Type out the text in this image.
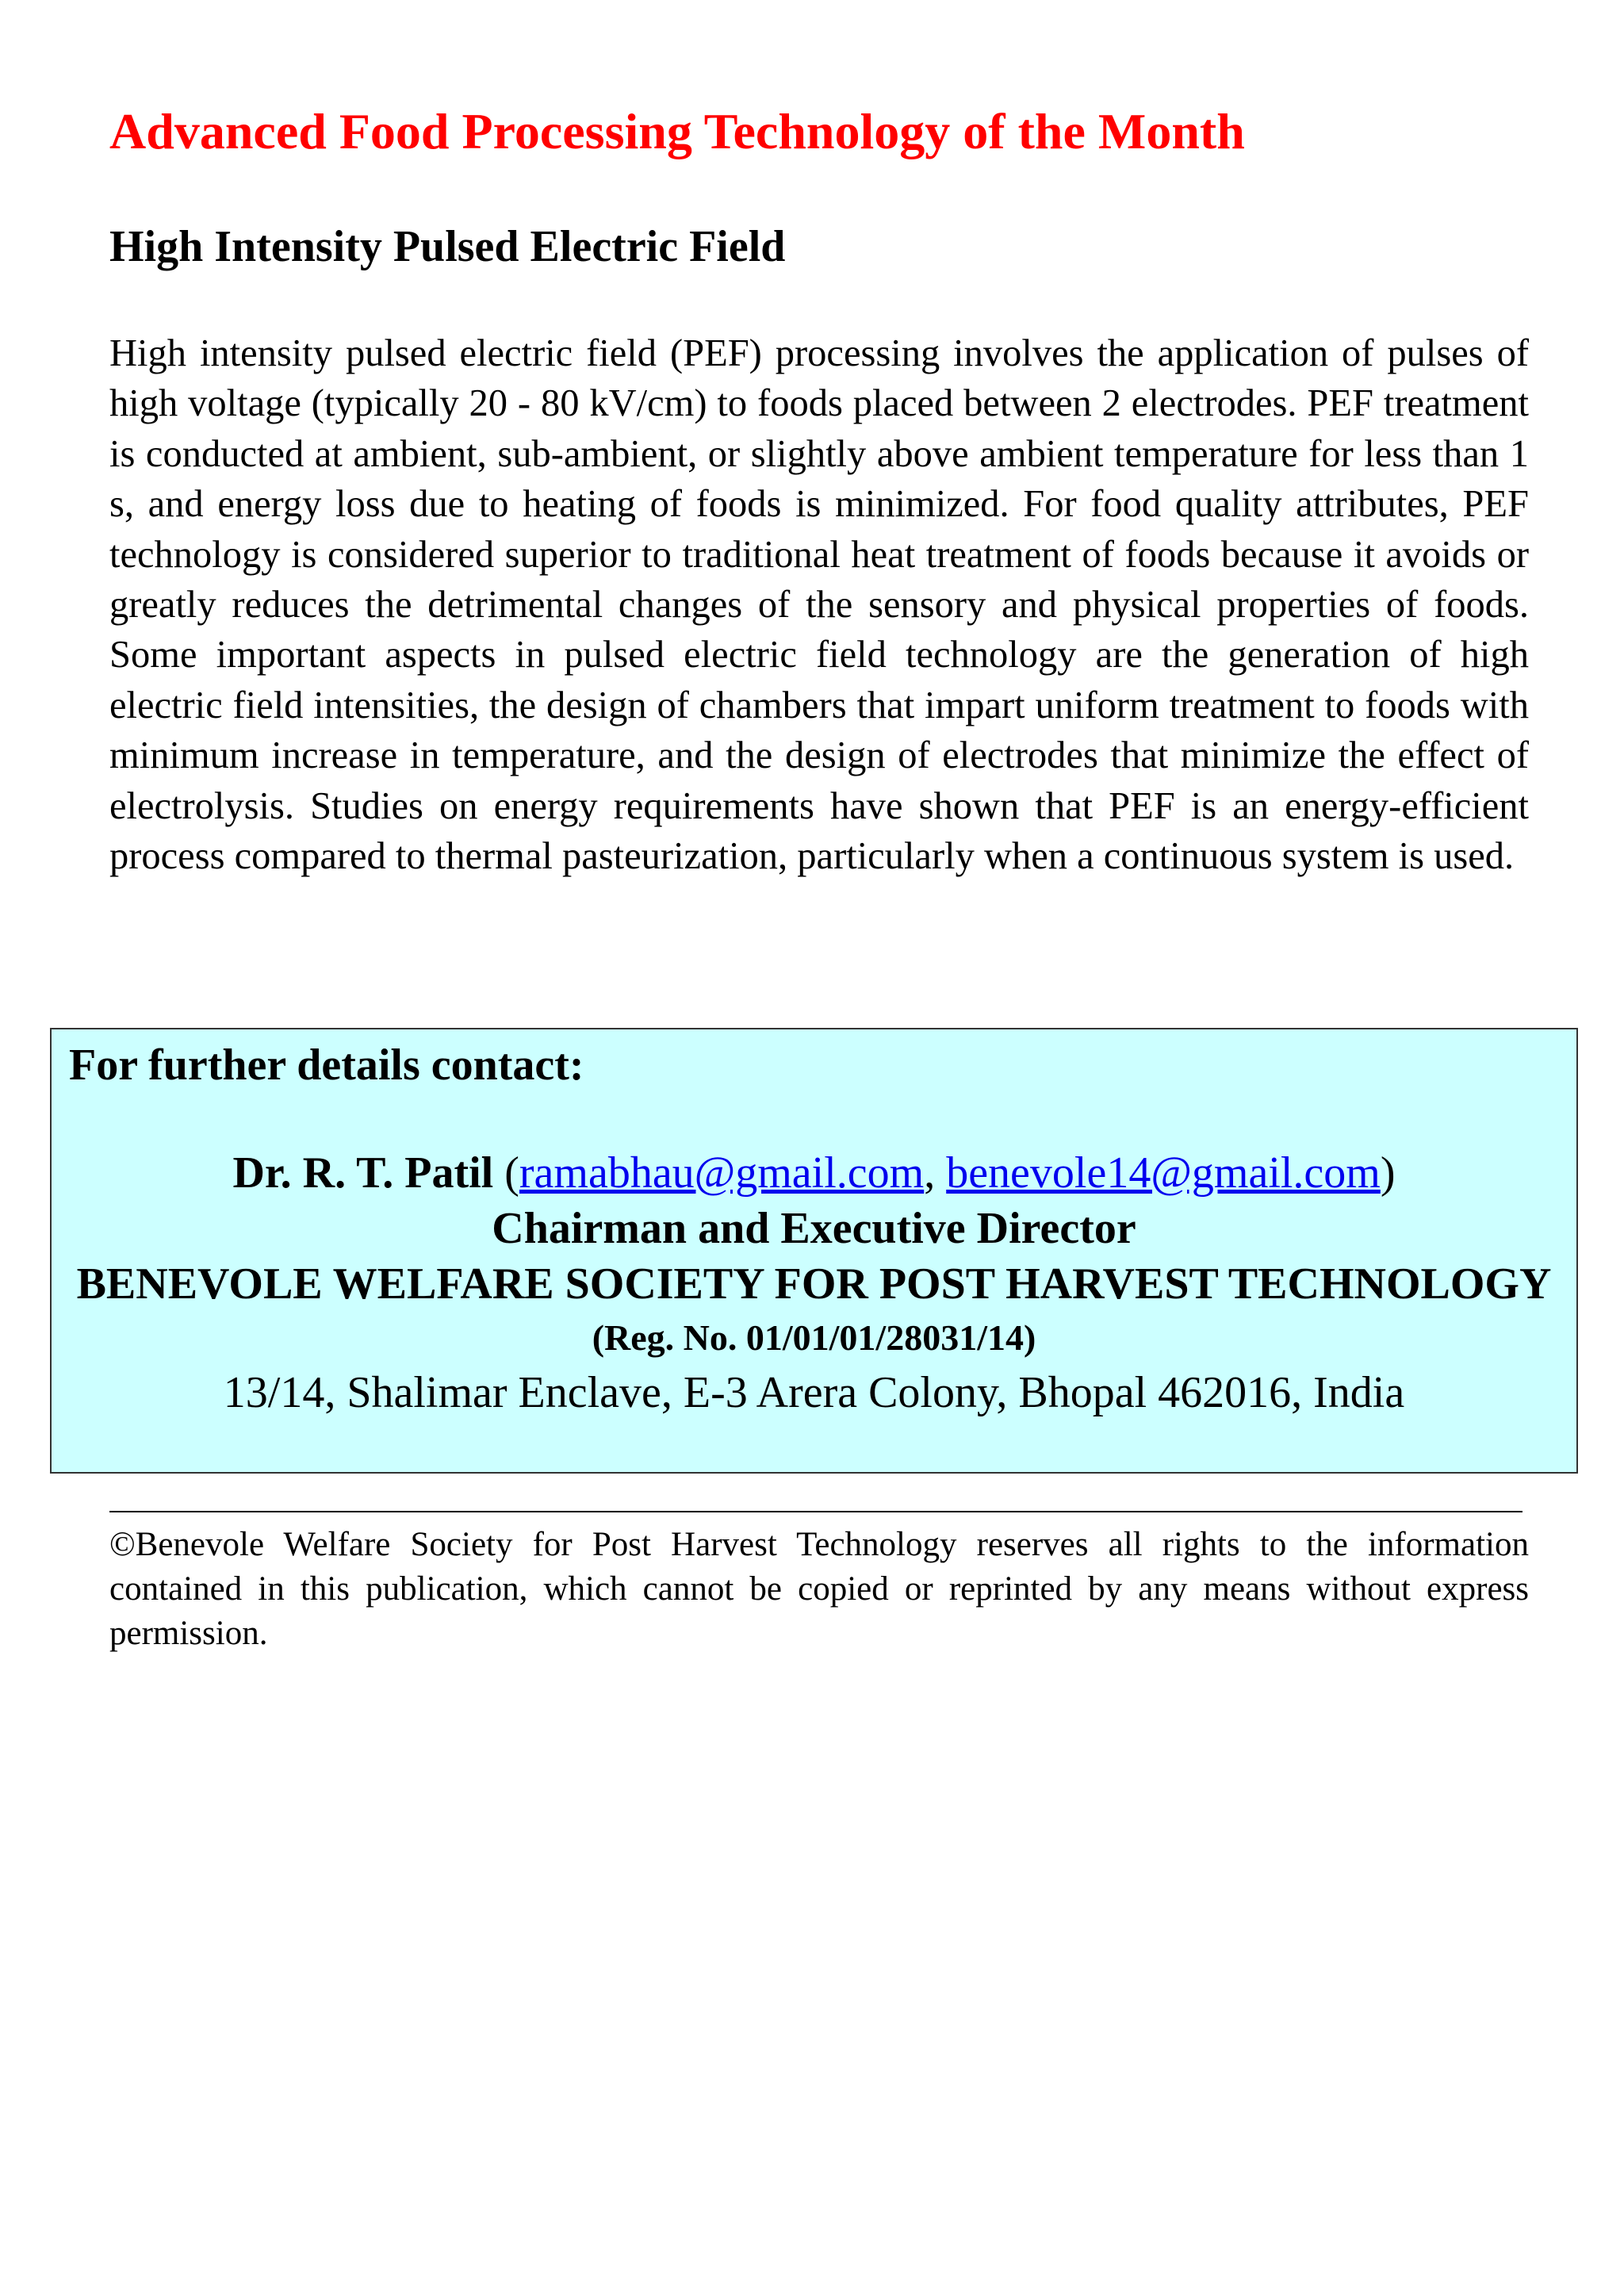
Advanced Food Processing Technology of the Month
High Intensity Pulsed Electric Field
High intensity pulsed electric field (PEF) processing involves the application of pulses of high voltage (typically 20 - 80 kV/cm) to foods placed between 2 electrodes. PEF treatment is conducted at ambient, sub-ambient, or slightly above ambient temperature for less than 1 s, and energy loss due to heating of foods is minimized. For food quality attributes, PEF technology is considered superior to traditional heat treatment of foods because it avoids or greatly reduces the detrimental changes of the sensory and physical properties of foods. Some important aspects in pulsed electric field technology are the generation of high electric field intensities, the design of chambers that impart uniform treatment to foods with minimum increase in temperature, and the design of electrodes that minimize the effect of electrolysis. Studies on energy requirements have shown that PEF is an energy-efficient process compared to thermal pasteurization, particularly when a continuous system is used.
For further details contact:
Dr. R. T. Patil (ramabhau@gmail.com, benevole14@gmail.com)
Chairman and Executive Director
BENEVOLE WELFARE SOCIETY FOR POST HARVEST TECHNOLOGY
(Reg. No. 01/01/01/28031/14)
13/14, Shalimar Enclave, E-3 Arera Colony, Bhopal 462016, India
©Benevole Welfare Society for Post Harvest Technology reserves all rights to the information contained in this publication, which cannot be copied or reprinted by any means without express permission.
